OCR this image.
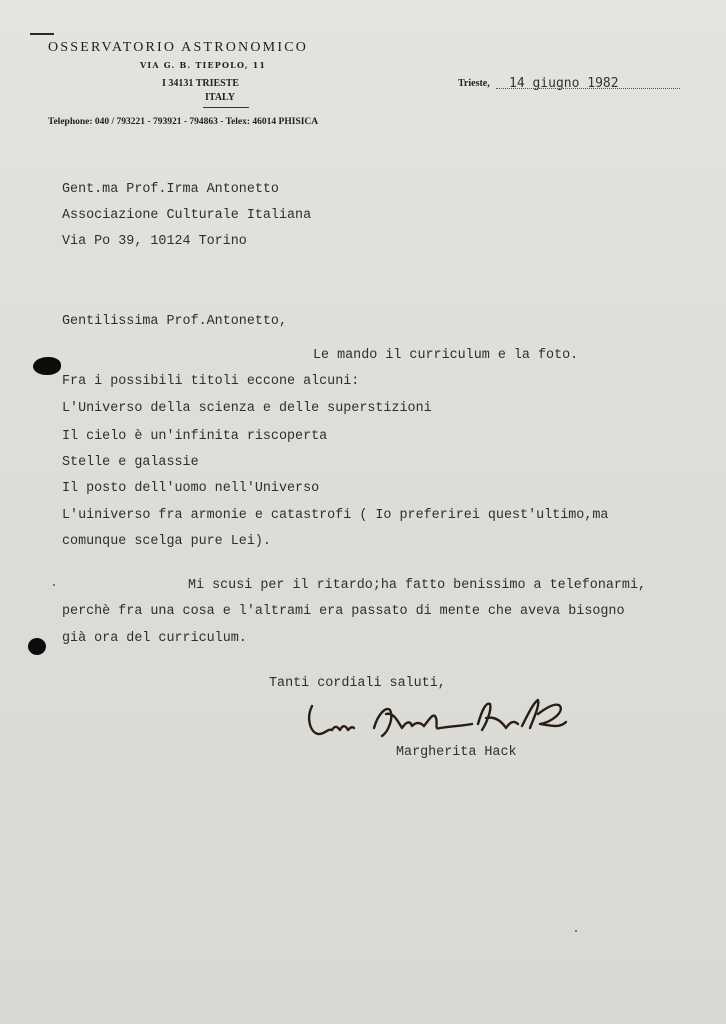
OSSERVATORIO ASTRONOMICO
VIA G. B. TIEPOLO, 11
I 34131 TRIESTE
ITALY
Telephone: 040 / 793221 - 793921 - 794863 - Telex: 46014 PHISICA
Trieste, 14 giugno 1982
Gent.ma Prof.Irma Antonetto
Associazione Culturale Italiana
Via Po 39, 10124 Torino
Gentilissima Prof.Antonetto,
Le mando il curriculum e la foto.
Fra i possibili titoli eccone alcuni:
L'Universo della scienza e delle superstizioni
Il cielo è un'infinita riscoperta
Stelle e galassie
Il posto dell'uomo nell'Universo
L'uiniverso fra armonie e catastrofi ( Io preferirei quest'ultimo,ma
comunque scelga pure Lei).
Mi scusi per il ritardo;ha fatto benissimo a telefonarmi,
perchè fra una cosa e l'altrami era passato di mente che aveva bisogno
già ora del curriculum.
Tanti cordiali saluti,
Margherita Hack
